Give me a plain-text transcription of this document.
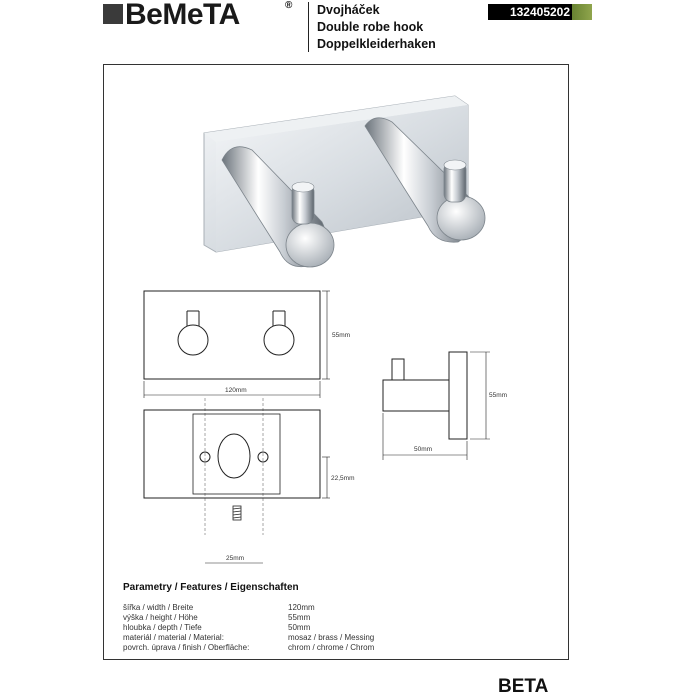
BeMeTA	® Dvojháček
Double robe hook
Doppelkleiderhaken
132405202
55mm
120mm
22,5mm
25mm
55mm
50mm
Parametry / Features / Eigenschaften
šířka / width / Breite	120mm
výška / height / Höhe	55mm
hloubka / depth / Tiefe	50mm
materiál / material / Material:	mosaz / brass / Messing
povrch. úprava / finish / Oberfläche:	chrom / chrome / Chrom
BETA
